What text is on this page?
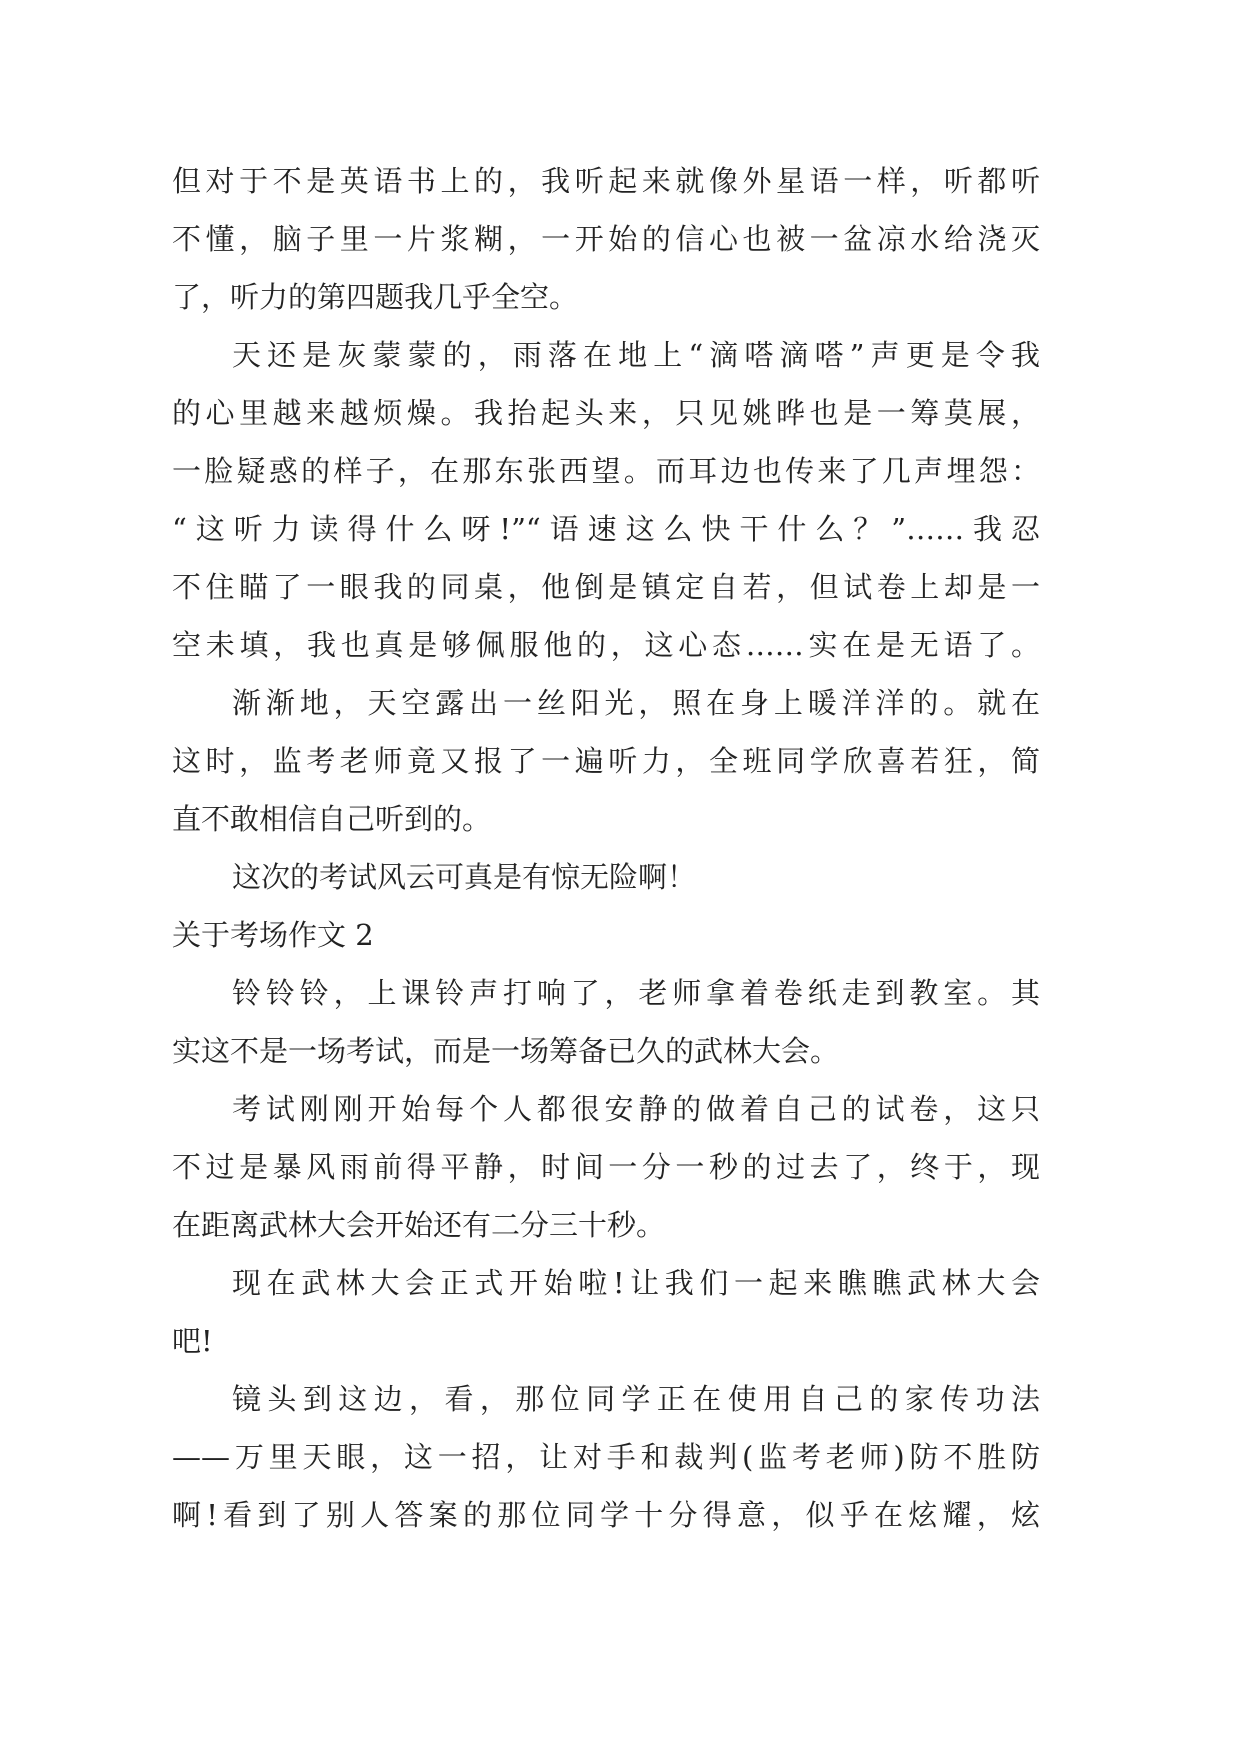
但对于不是英语书上的，我听起来就像外星语一样，听都听
不懂，脑子里一片浆糊，一开始的信心也被一盆凉水给浇灭
了，听力的第四题我几乎全空。
天还是灰蒙蒙的，雨落在地上“滴嗒滴嗒”声更是令我
的心里越来越烦燥。我抬起头来，只见姚晔也是一筹莫展，
一脸疑惑的样子，在那东张西望。而耳边也传来了几声埋怨：
“这听力读得什么呀!”“语速这么快干什么？”……我忍
不住瞄了一眼我的同桌，他倒是镇定自若，但试卷上却是一
空未填，我也真是够佩服他的，这心态……实在是无语了。
渐渐地，天空露出一丝阳光，照在身上暖洋洋的。就在
这时，监考老师竟又报了一遍听力，全班同学欣喜若狂，简
直不敢相信自己听到的。
这次的考试风云可真是有惊无险啊！
关于考场作文 2
铃铃铃，上课铃声打响了，老师拿着卷纸走到教室。其
实这不是一场考试，而是一场筹备已久的武林大会。
考试刚刚开始每个人都很安静的做着自己的试卷，这只
不过是暴风雨前得平静，时间一分一秒的过去了，终于，现
在距离武林大会开始还有二分三十秒。
现在武林大会正式开始啦!让我们一起来瞧瞧武林大会
吧!
镜头到这边，看，那位同学正在使用自己的家传功法
——万里天眼，这一招，让对手和裁判(监考老师)防不胜防
啊!看到了别人答案的那位同学十分得意，似乎在炫耀，炫
